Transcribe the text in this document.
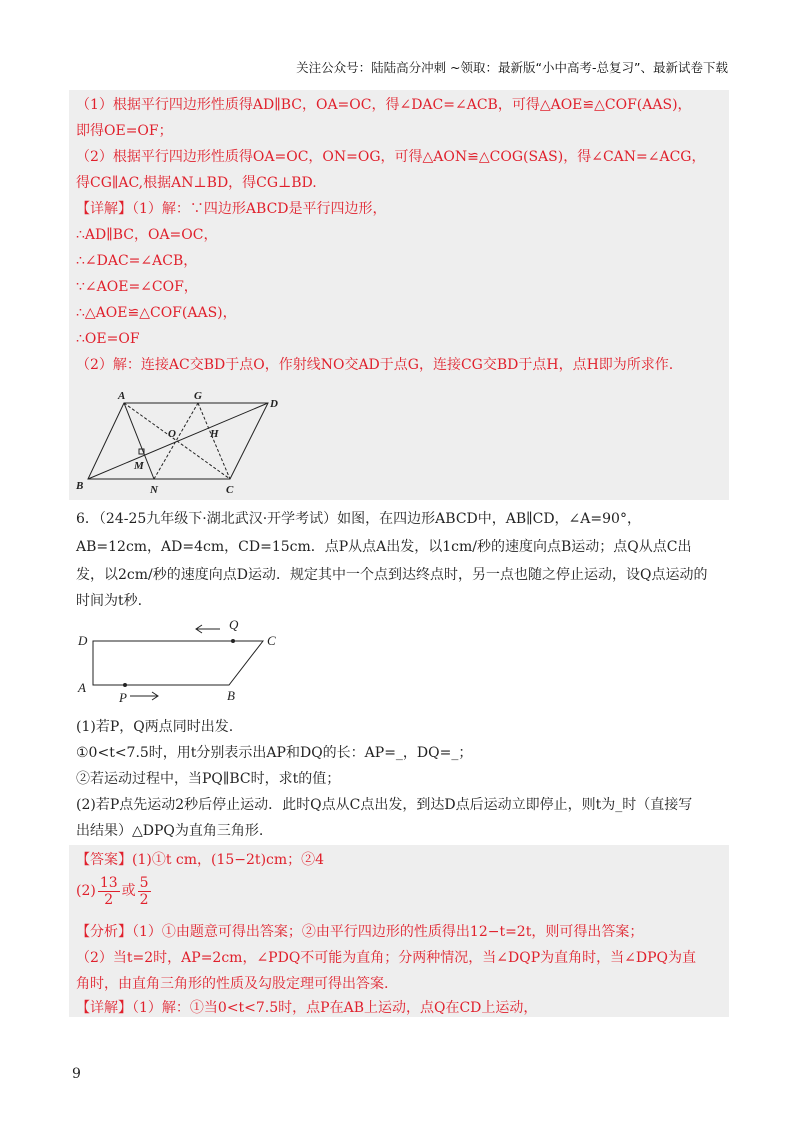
关注公众号：陆陆高分冲刺 ~领取：最新版“小中高考-总复习”、最新试卷下载
（1）根据平行四边形性质得AD∥BC，OA=OC，得∠DAC=∠ACB，可得△AOE≌△COF(AAS)，
即得OE=OF；
（2）根据平行四边形性质得OA=OC，ON=OG，可得△AON≌△COG(SAS)，得∠CAN=∠ACG，
得CG∥AC,根据AN⊥BD，得CG⊥BD.
【详解】（1）解：∵四边形ABCD是平行四边形，
∴AD∥BC，OA=OC，
∴∠DAC=∠ACB，
∵∠AOE=∠COF，
∴△AOE≌△COF(AAS)，
∴OE=OF
（2）解：连接AC交BD于点O，作射线NO交AD于点G，连接CG交BD于点H，点H即为所求作.
A	G
D
O	H
M
B	N	C
6．（24-25九年级下·湖北武汉·开学考试）如图，在四边形ABCD中，AB∥CD，∠A=90°，
AB=12cm，AD=4cm，CD=15cm．点P从点A出发，以1cm/秒的速度向点B运动；点Q从点C出
发，以2cm/秒的速度向点D运动．规定其中一个点到达终点时，另一点也随之停止运动，设Q点运动的
时间为t秒.
D
Q
C
A
P	B
(1)若P，Q两点同时出发.
①0<t<7.5时，用t分别表示出AP和DQ的长：AP=_，DQ=_；
②若运动过程中，当PQ∥BC时，求t的值；
(2)若P点先运动2秒后停止运动．此时Q点从C点出发，到达D点后运动立即停止，则t为_时（直接写
出结果）△DPQ为直角三角形.
【答案】(1)①t cm，(15−2t)cm；②4
$(2) \frac{13}{2}$ 或 $\frac{5}{2}$
【分析】（1）①由题意可得出答案；②由平行四边形的性质得出12−t=2t，则可得出答案；
（2）当t=2时，AP=2cm，∠PDQ不可能为直角；分两种情况，当∠DQP为直角时，当∠DPQ为直
角时，由直角三角形的性质及勾股定理可得出答案.
【详解】（1）解：①当0<t<7.5时，点P在AB上运动，点Q在CD上运动，
9
